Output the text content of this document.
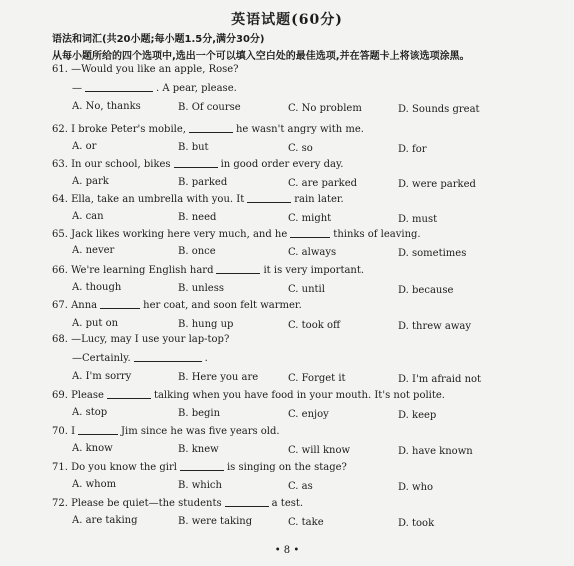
英语试题(60分)
语法和词汇(共20小题;每小题1.5分,满分30分)
从每小题所给的四个选项中,选出一个可以填入空白处的最佳选项,并在答题卡上将该选项涂黑。
61. —Would you like an apple, Rose?
—	. A pear, please.
A. No, thanks	B. Of course	C. No problem	D. Sounds great
62. I broke Peter's mobile,	he wasn't angry with me.
A. or	B. but	C. so	D. for
63. In our school, bikes	in good order every day.
A. park	B. parked	C. are parked	D. were parked
64. Ella, take an umbrella with you. It	rain later.
A. can	B. need	C. might	D. must
65. Jack likes working here very much, and he	thinks of leaving.
A. never	B. once	C. always	D. sometimes
66. We're learning English hard	it is very important.
A. though	B. unless	C. until	D. because
67. Anna	her coat, and soon felt warmer.
A. put on	B. hung up	C. took off	D. threw away
68. —Lucy, may I use your lap-top?
—Certainly.	.
A. I'm sorry	B. Here you are	C. Forget it	D. I'm afraid not
69. Please	talking when you have food in your mouth. It's not polite.
A. stop	B. begin	C. enjoy	D. keep
70. I	Jim since he was five years old.
A. know	B. knew	C. will know	D. have known
71. Do you know the girl	is singing on the stage?
A. whom	B. which	C. as	D. who
72. Please be quiet—the students	a test.
A. are taking	B. were taking	C. take	D. took
• 8 •
